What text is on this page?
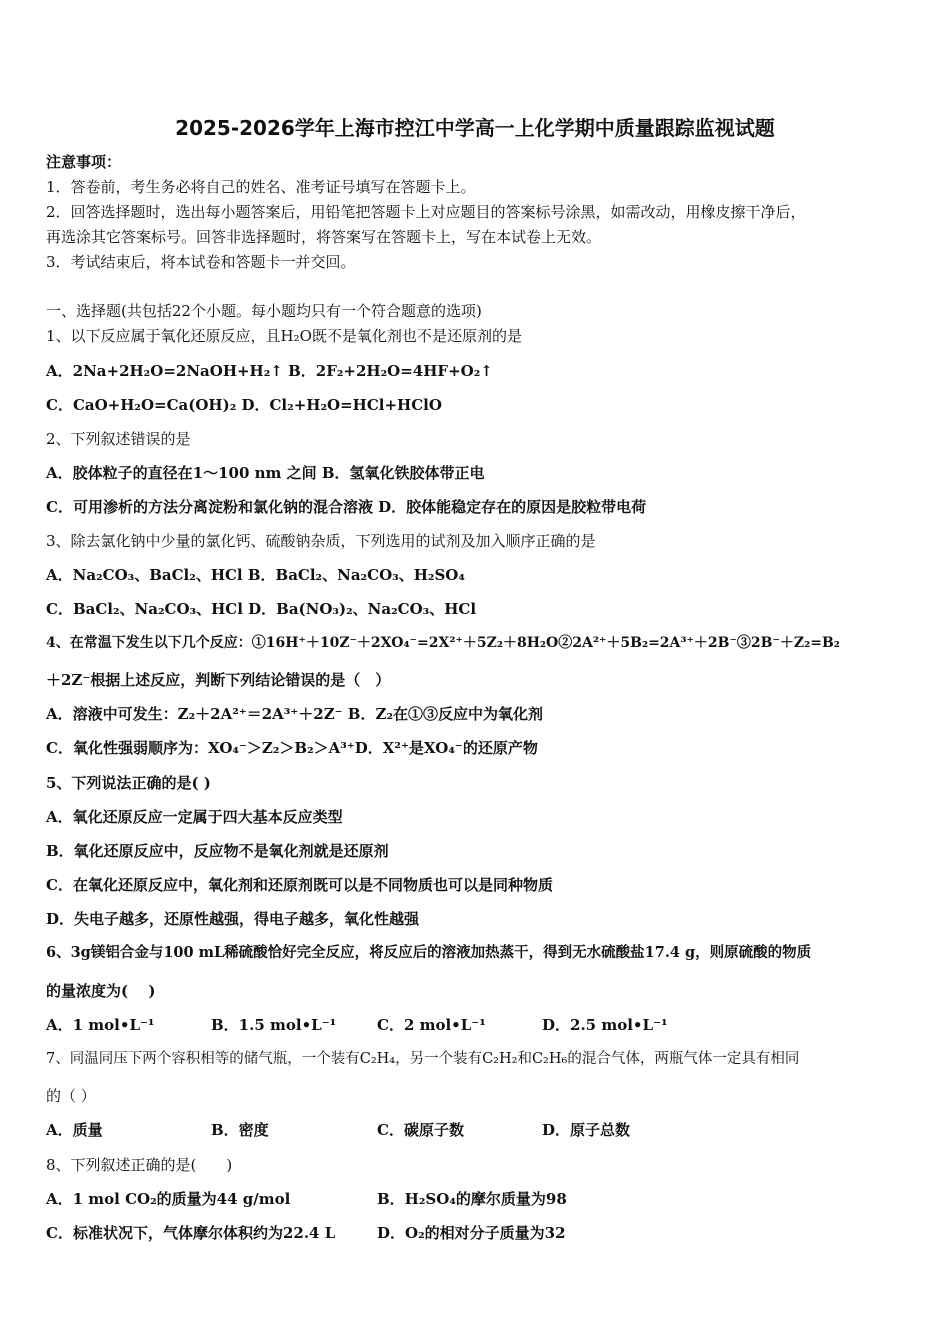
2025-2026学年上海市控江中学高一上化学期中质量跟踪监视试题
注意事项：
1．答卷前，考生务必将自己的姓名、准考证号填写在答题卡上。
2．回答选择题时，选出每小题答案后，用铅笔把答题卡上对应题目的答案标号涂黑，如需改动，用橡皮擦干净后，
再选涂其它答案标号。回答非选择题时，将答案写在答题卡上，写在本试卷上无效。
3．考试结束后，将本试卷和答题卡一并交回。
一、选择题(共包括22个小题。每小题均只有一个符合题意的选项)
1、以下反应属于氧化还原反应，且H₂O既不是氧化剂也不是还原剂的是
A．2Na+2H₂O=2NaOH+H₂↑ B．2F₂+2H₂O=4HF+O₂↑
C．CaO+H₂O=Ca(OH)₂ D．Cl₂+H₂O=HCl+HClO
2、下列叙述错误的是
A．胶体粒子的直径在1～100 nm 之间 B．氢氧化铁胶体带正电
C．可用渗析的方法分离淀粉和氯化钠的混合溶液 D．胶体能稳定存在的原因是胶粒带电荷
3、除去氯化钠中少量的氯化钙、硫酸钠杂质，下列选用的试剂及加入顺序正确的是
A．Na₂CO₃、BaCl₂、HCl B．BaCl₂、Na₂CO₃、H₂SO₄
C．BaCl₂、Na₂CO₃、HCl D．Ba(NO₃)₂、Na₂CO₃、HCl
4、在常温下发生以下几个反应：①16H⁺＋10Z⁻＋2XO₄⁻=2X²⁺＋5Z₂＋8H₂O②2A²⁺＋5B₂=2A³⁺＋2B⁻③2B⁻＋Z₂=B₂
＋2Z⁻根据上述反应，判断下列结论错误的是（　）
A．溶液中可发生：Z₂＋2A²⁺＝2A³⁺＋2Z⁻ B．Z₂在①③反应中为氧化剂
C．氧化性强弱顺序为：XO₄⁻＞Z₂＞B₂＞A³⁺D．X²⁺是XO₄⁻的还原产物
5、下列说法正确的是( )
A．氧化还原反应一定属于四大基本反应类型
B．氧化还原反应中，反应物不是氧化剂就是还原剂
C．在氧化还原反应中，氧化剂和还原剂既可以是不同物质也可以是同种物质
D．失电子越多，还原性越强，得电子越多，氧化性越强
6、3g镁铝合金与100 mL稀硫酸恰好完全反应，将反应后的溶液加热蒸干，得到无水硫酸盐17.4 g，则原硫酸的物质
的量浓度为(　 )
A．1 mol•L⁻¹	B．1.5 mol•L⁻¹	C．2 mol•L⁻¹	D．2.5 mol•L⁻¹
7、同温同压下两个容积相等的储气瓶，一个装有C₂H₄，另一个装有C₂H₂和C₂H₆的混合气体，两瓶气体一定具有相同
的（ ）
A．质量	B．密度	C．碳原子数	D．原子总数
8、下列叙述正确的是(　　)
A．1 mol CO₂的质量为44 g/mol	B．H₂SO₄的摩尔质量为98
C．标准状况下，气体摩尔体积约为22.4 L	D．O₂的相对分子质量为32
